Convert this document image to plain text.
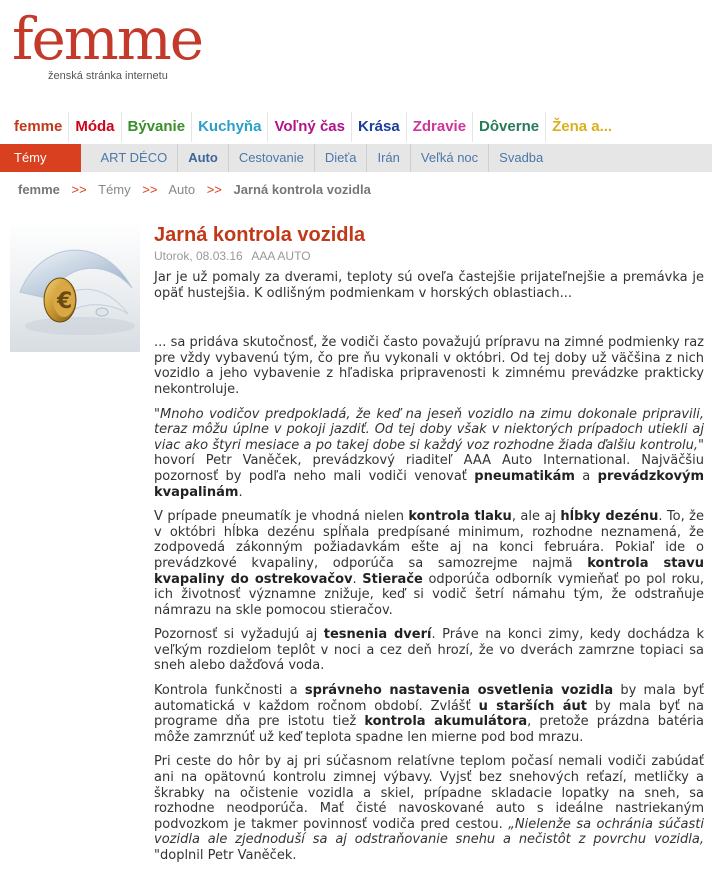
femme
ženská stránka internetu
femme Móda Bývanie Kuchyňa Voľný čas Krása Zdravie Dôverne Žena a...
Témy	ART DÉCO	Auto	Cestovanie	Dieťa	Irán	Veľká noc	Svadba
femme >> Témy >> Auto >> Jarná kontrola vozidla
€
Jarná kontrola vozidla
Utorok, 08.03.16 AAA AUTO

Jar je už pomaly za dverami, teploty sú oveľa častejšie prijateľnejšie a premávka je opäť hustejšia. K odlišným podmienkam v horských oblastiach...

... sa pridáva skutočnosť, že vodiči často považujú prípravu na zimné podmienky raz pre vždy vybavenú tým, čo pre ňu vykonali v októbri. Od tej doby už väčšina z nich vozidlo a jeho vybavenie z hľadiska pripravenosti k zimnému prevádzke prakticky nekontroluje.

"Mnoho vodičov predpokladá, že keď na jeseň vozidlo na zimu dokonale pripravili, teraz môžu úplne v pokoji jazdiť. Od tej doby však v niektorých prípadoch utiekli aj viac ako štyri mesiace a po takej dobe si každý voz rozhodne žiada ďalšiu kontrolu," hovorí Petr Vaněček, prevádzkový riaditeľ AAA Auto International. Najväčšiu pozornosť by podľa neho mali vodiči venovať pneumatikám a prevádzkovým kvapalinám.

V prípade pneumatík je vhodná nielen kontrola tlaku, ale aj hĺbky dezénu. To, že v októbri hĺbka dezénu spĺňala predpísané minimum, rozhodne neznamená, že zodpovedá zákonným požiadavkám ešte aj na konci februára. Pokiaľ ide o prevádzkové kvapaliny, odporúča sa samozrejme najmä kontrola stavu kvapaliny do ostrekovačov. Stierače odporúča odborník vymieňať po pol roku, ich životnosť významne znižuje, keď si vodič šetrí námahu tým, že odstraňuje námrazu na skle pomocou stieračov.

Pozornosť si vyžadujú aj tesnenia dverí. Práve na konci zimy, kedy dochádza k veľkým rozdielom teplôt v noci a cez deň hrozí, že vo dverách zamrzne topiaci sa sneh alebo dažďová voda.

Kontrola funkčnosti a správneho nastavenia osvetlenia vozidla by mala byť automatická v každom ročnom období. Zvlášť u starších áut by mala byť na programe dňa pre istotu tiež kontrola akumulátora, pretože prázdna batéria môže zamrznúť už keď teplota spadne len mierne pod bod mrazu.

Pri ceste do hôr by aj pri súčasnom relatívne teplom počasí nemali vodiči zabúdať ani na opätovnú kontrolu zimnej výbavy. Vyjsť bez snehových reťazí, metličky a škrabky na očistenie vozidla a skiel, prípadne skladacie lopatky na sneh, sa rozhodne neodporúča. Mať čisté navoskované auto s ideálne nastriekaným podvozkom je takmer povinnosť vodiča pred cestou. „Nielenže sa ochránia súčasti vozidla ale zjednoduší sa aj odstraňovanie snehu a nečistôt z povrchu vozidla, "doplnil Petr Vaněček.
